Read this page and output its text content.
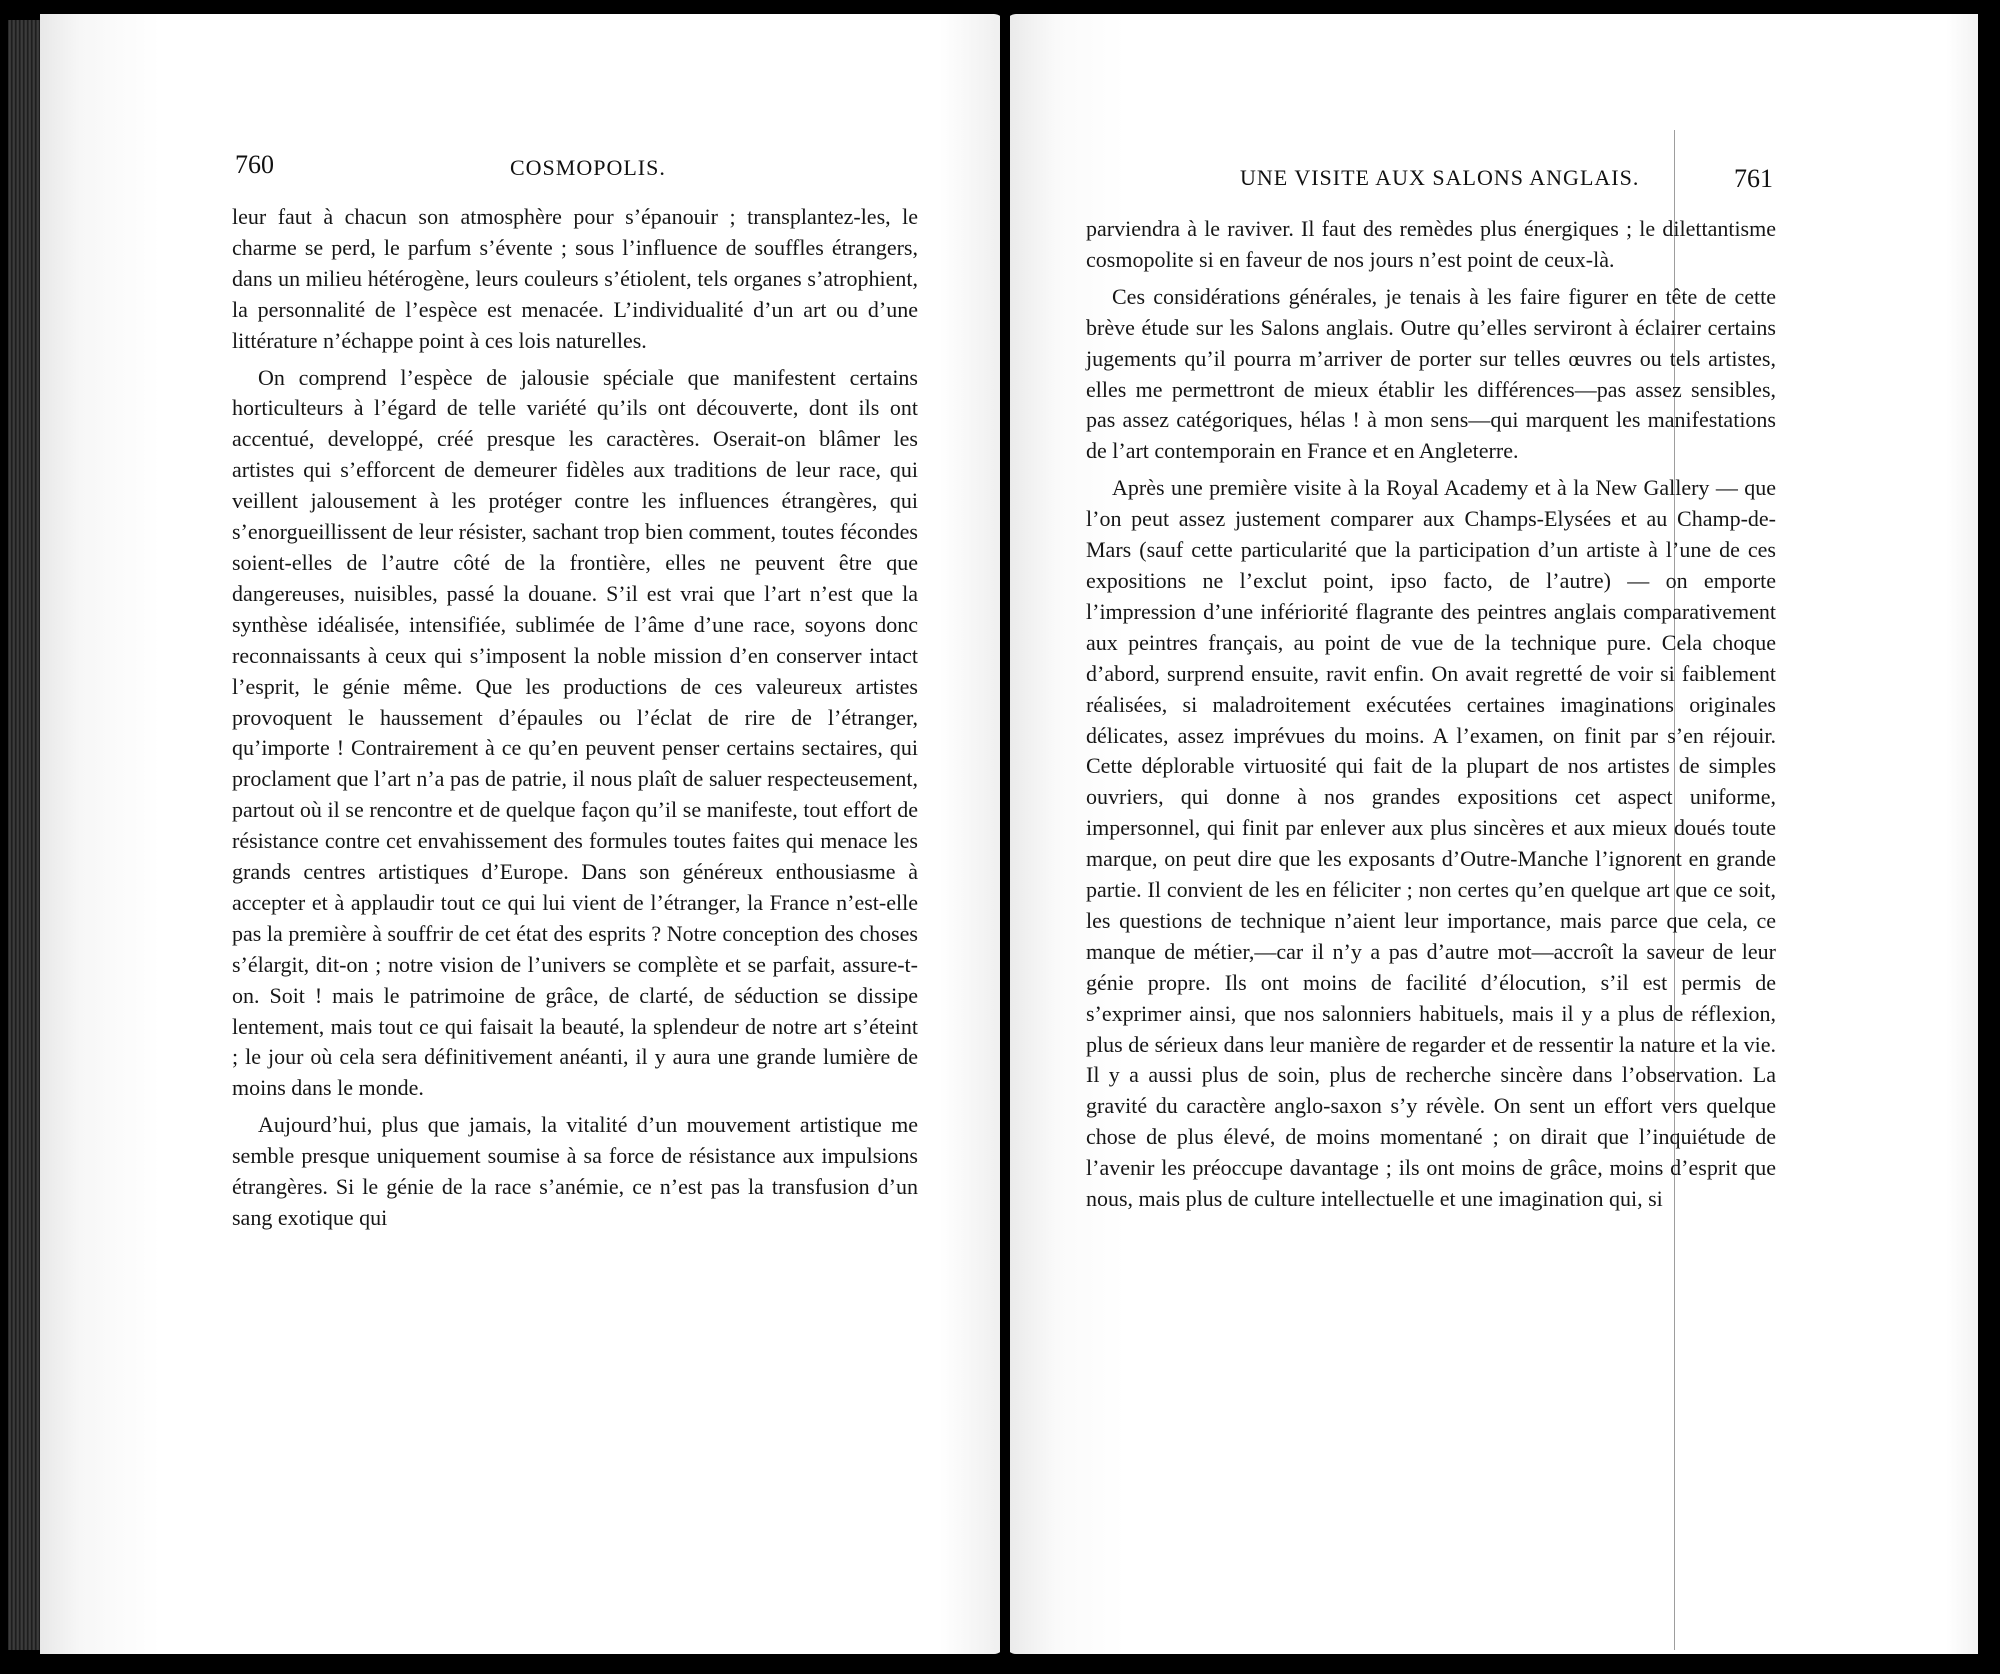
760	COSMOPOLIS.

leur faut à chacun son atmosphère pour s’épanouir ; transplantez-les, le charme se perd, le parfum s’évente ; sous l’influence de souffles étrangers, dans un milieu hétérogène, leurs couleurs s’étiolent, tels organes s’atrophient, la personnalité de l’espèce est menacée. L’individualité d’un art ou d’une littérature n’échappe point à ces lois naturelles.

On comprend l’espèce de jalousie spéciale que manifestent certains horticulteurs à l’égard de telle variété qu’ils ont découverte, dont ils ont accentué, developpé, créé presque les caractères. Oserait-on blâmer les artistes qui s’efforcent de demeurer fidèles aux traditions de leur race, qui veillent jalousement à les protéger contre les influences étrangères, qui s’enorgueillissent de leur résister, sachant trop bien comment, toutes fécondes soient-elles de l’autre côté de la frontière, elles ne peuvent être que dangereuses, nuisibles, passé la douane. S’il est vrai que l’art n’est que la synthèse idéalisée, intensifiée, sublimée de l’âme d’une race, soyons donc reconnaissants à ceux qui s’imposent la noble mission d’en conserver intact l’esprit, le génie même. Que les productions de ces valeureux artistes provoquent le haussement d’épaules ou l’éclat de rire de l’étranger, qu’importe ! Contrairement à ce qu’en peuvent penser certains sectaires, qui proclament que l’art n’a pas de patrie, il nous plaît de saluer respecteusement, partout où il se rencontre et de quelque façon qu’il se manifeste, tout effort de résistance contre cet envahissement des formules toutes faites qui menace les grands centres artistiques d’Europe. Dans son généreux enthousiasme à accepter et à applaudir tout ce qui lui vient de l’étranger, la France n’est-elle pas la première à souffrir de cet état des esprits ? Notre conception des choses s’élargit, dit-on ; notre vision de l’univers se complète et se parfait, assure-t-on. Soit ! mais le patrimoine de grâce, de clarté, de séduction se dissipe lentement, mais tout ce qui faisait la beauté, la splendeur de notre art s’éteint ; le jour où cela sera définitivement anéanti, il y aura une grande lumière de moins dans le monde.

Aujourd’hui, plus que jamais, la vitalité d’un mouvement artistique me semble presque uniquement soumise à sa force de résistance aux impulsions étrangères. Si le génie de la race s’anémie, ce n’est pas la transfusion d’un sang exotique qui

UNE VISITE AUX SALONS ANGLAIS.	761

parviendra à le raviver. Il faut des remèdes plus énergiques ; le dilettantisme cosmopolite si en faveur de nos jours n’est point de ceux-là.

Ces considérations générales, je tenais à les faire figurer en tête de cette brève étude sur les Salons anglais. Outre qu’elles serviront à éclairer certains jugements qu’il pourra m’arriver de porter sur telles œuvres ou tels artistes, elles me permettront de mieux établir les différences—pas assez sensibles, pas assez catégoriques, hélas ! à mon sens—qui marquent les manifestations de l’art contemporain en France et en Angleterre.

Après une première visite à la Royal Academy et à la New Gallery — que l’on peut assez justement comparer aux Champs-Elysées et au Champ-de-Mars (sauf cette particularité que la participation d’un artiste à l’une de ces expositions ne l’exclut point, ipso facto, de l’autre) — on emporte l’impression d’une infériorité flagrante des peintres anglais comparativement aux peintres français, au point de vue de la technique pure. Cela choque d’abord, surprend ensuite, ravit enfin. On avait regretté de voir si faiblement réalisées, si maladroitement exécutées certaines imaginations originales délicates, assez imprévues du moins. A l’examen, on finit par s’en réjouir. Cette déplorable virtuosité qui fait de la plupart de nos artistes de simples ouvriers, qui donne à nos grandes expositions cet aspect uniforme, impersonnel, qui finit par enlever aux plus sincères et aux mieux doués toute marque, on peut dire que les exposants d’Outre-Manche l’ignorent en grande partie. Il convient de les en féliciter ; non certes qu’en quelque art que ce soit, les questions de technique n’aient leur importance, mais parce que cela, ce manque de métier,—car il n’y a pas d’autre mot—accroît la saveur de leur génie propre. Ils ont moins de facilité d’élocution, s’il est permis de s’exprimer ainsi, que nos salonniers habituels, mais il y a plus de réflexion, plus de sérieux dans leur manière de regarder et de ressentir la nature et la vie. Il y a aussi plus de soin, plus de recherche sincère dans l’observation. La gravité du caractère anglo-saxon s’y révèle. On sent un effort vers quelque chose de plus élevé, de moins momentané ; on dirait que l’inquiétude de l’avenir les préoccupe davantage ; ils ont moins de grâce, moins d’esprit que nous, mais plus de culture intellectuelle et une imagination qui, si
